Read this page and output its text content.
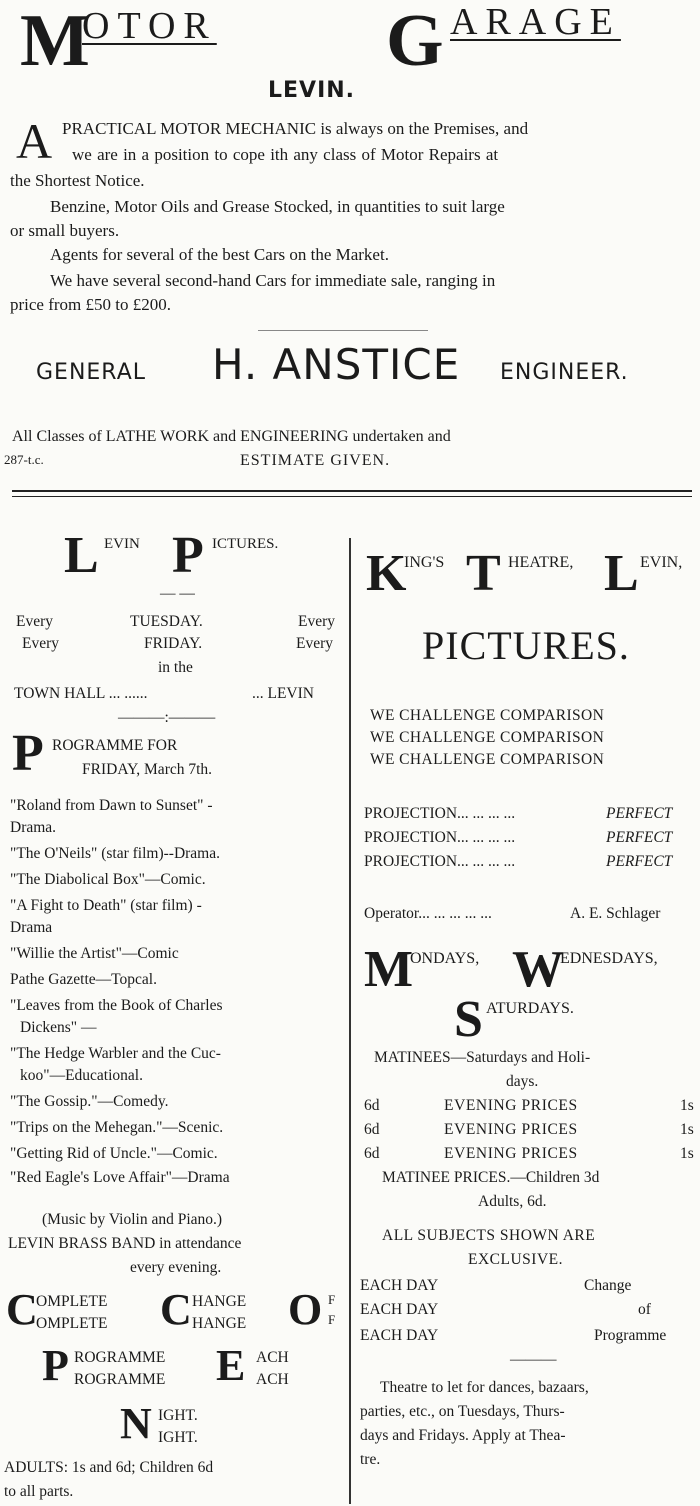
M
OTOR G ARAGE
LEVIN.
A PRACTICAL MOTOR MECHANIC is always on the Premises, and
we are in a position to cope ith any class of Motor Repairs at
the Shortest Notice.
Benzine, Motor Oils and Grease Stocked, in quantities to suit large
or small buyers.
Agents for several of the best Cars on the Market.
We have several second-hand Cars for immediate sale, ranging in
price from £50 to £200.
GENERAL H. ANSTICE ENGINEER.
All Classes of LATHE WORK and ENGINEERING undertaken and
287-t.c.	ESTIMATE GIVEN.
L EVIN P ICTURES.
— —
Every	TUESDAY.	Every
Every	FRIDAY.	Every
in the
TOWN HALL ... ......	... LEVIN
———:———
P ROGRAMME FOR
FRIDAY, March 7th.
"Roland from Dawn to Sunset" -
Drama.
"The O'Neils" (star film)--Drama.
"The Diabolical Box"—Comic.
"A Fight to Death" (star film) -
Drama
"Willie the Artist"—Comic
Pathe Gazette—Topcal.
"Leaves from the Book of Charles
Dickens" —
"The Hedge Warbler and the Cuc-
koo"—Educational.
"The Gossip."—Comedy.
"Trips on the Mehegan."—Scenic.
"Getting Rid of Uncle."—Comic.
"Red Eagle's Love Affair"—Drama
(Music by Violin and Piano.)
LEVIN BRASS BAND in attendance
every evening.
C
OMPLETE
OMPLETE C HANGE
HANGE O F
F
P ROGRAMME
ROGRAMME E ACH
ACH
N IGHT.
IGHT.
ADULTS: 1s and 6d; Children 6d
to all parts.
K
ING'S T HEATRE, L EVIN,
PICTURES.
WE CHALLENGE COMPARISON
WE CHALLENGE COMPARISON
WE CHALLENGE COMPARISON
PROJECTION... ... ... ...	PERFECT
PROJECTION... ... ... ...	PERFECT
PROJECTION... ... ... ...	PERFECT
Operator... ... ... ... ...	A. E. Schlager
M
ONDAYS, W
EDNESDAYS,
S ATURDAYS.
MATINEES—Saturdays and Holi-
days.
6d	EVENING PRICES	1s
6d	EVENING PRICES	1s
6d	EVENING PRICES	1s
MATINEE PRICES.—Children 3d
Adults, 6d.
ALL SUBJECTS SHOWN ARE
EXCLUSIVE.
EACH DAY	Change
EACH DAY	of
EACH DAY	Programme
———
Theatre to let for dances, bazaars,
parties, etc., on Tuesdays, Thurs-
days and Fridays. Apply at Thea-
tre.
